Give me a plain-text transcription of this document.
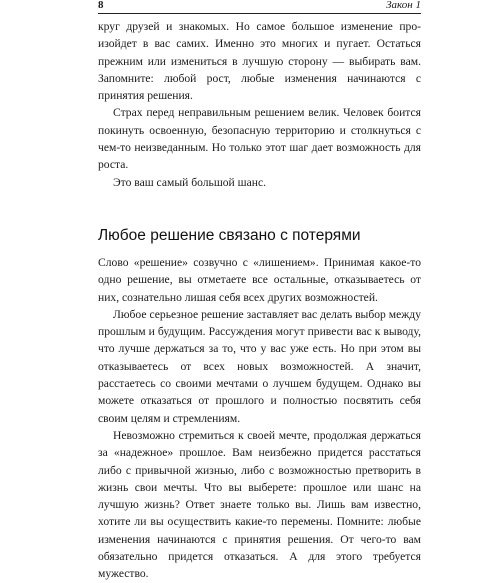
8	Закон 1

круг друзей и знакомых. Но самое большое изменение произойдет в вас самих. Именно это многих и пугает. Остаться прежним или измениться в лучшую сторону — выбирать вам. Запомните: любой рост, любые изменения начинаются с принятия решения.

Страх перед неправильным решением велик. Человек боится покинуть освоенную, безопасную территорию и столкнуться с чем-то неизведанным. Но только этот шаг дает возможность для роста.

Это ваш самый большой шанс.

Любое решение связано с потерями

Слово «решение» созвучно с «лишением». Принимая какое-то одно решение, вы отметаете все остальные, отказываетесь от них, сознательно лишая себя всех других возможностей.

Любое серьезное решение заставляет вас делать выбор между прошлым и будущим. Рассуждения могут привести вас к выводу, что лучше держаться за то, что у вас уже есть. Но при этом вы отказываетесь от всех новых возможностей. А значит, расстаетесь со своими мечтами о лучшем будущем. Однако вы можете отказаться от прошлого и полностью посвятить себя своим целям и стремлениям.

Невозможно стремиться к своей мечте, продолжая держаться за «надежное» прошлое. Вам неизбежно придется расстаться либо с привычной жизнью, либо с возможностью претворить в жизнь свои мечты. Что вы выберете: прошлое или шанс на лучшую жизнь? Ответ знаете только вы. Лишь вам известно, хотите ли вы осуществить какие-то перемены. Помните: любые изменения начинаются с принятия решения. От чего-то вам обязательно придется отказаться. А для этого требуется мужество.
